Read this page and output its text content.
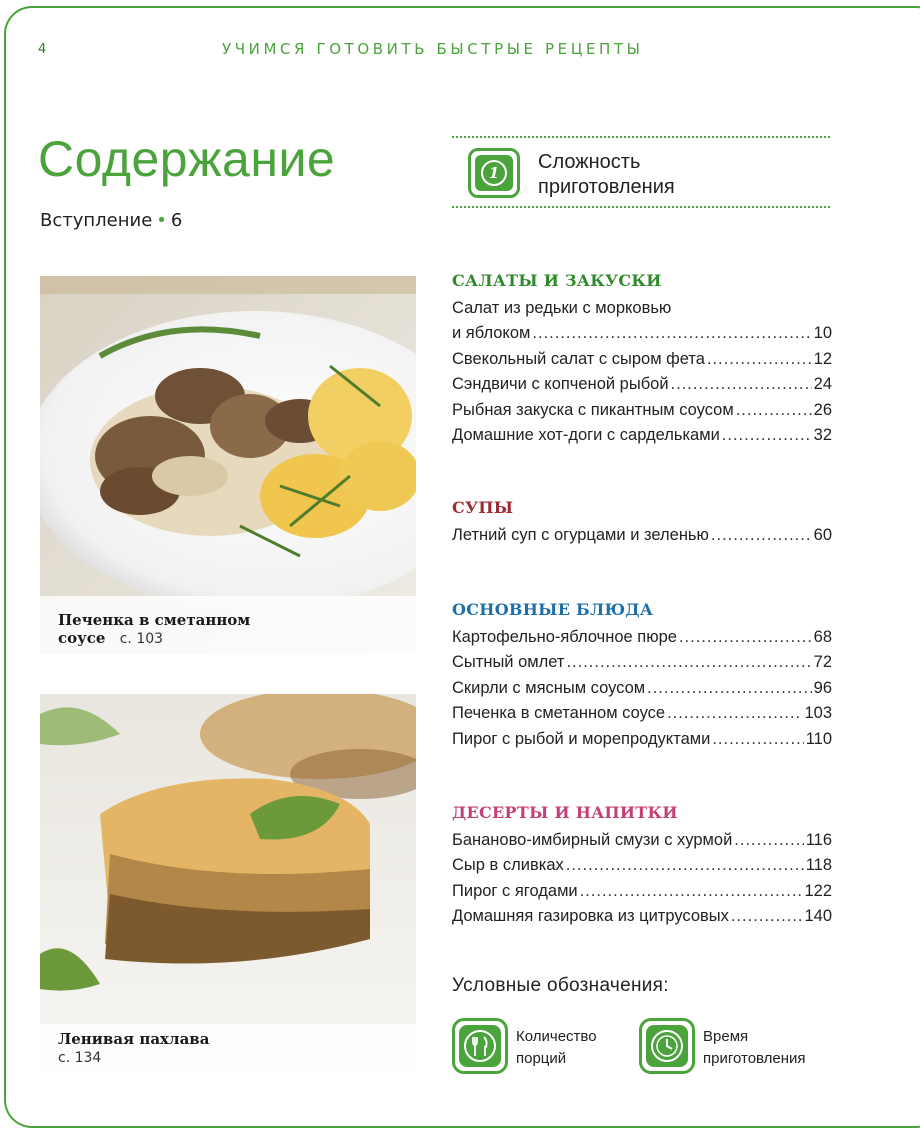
4	УЧИМСЯ ГОТОВИТЬ БЫСТРЫЕ РЕЦЕПТЫ
Содержание
Вступление • 6
Печенка в сметанном
соусе с. 103
Ленивая пахлава
с. 134
1	Сложность
приготовления
САЛАТЫ И ЗАКУСКИ
Салат из редьки с морковью
и яблоком .....	10
Свекольный салат с сыром фета .....	12
Сэндвичи с копченой рыбой .....	24
Рыбная закуска с пикантным соусом .....	26
Домашние хот-доги с сардельками .....	32
СУПЫ
Летний суп с огурцами и зеленью .....	60
ОСНОВНЫЕ БЛЮДА
Картофельно-яблочное пюре .....	68
Сытный омлет .....	72
Скирли с мясным соусом .....	96
Печенка в сметанном соусе .....	103
Пирог с рыбой и морепродуктами .....	110
ДЕСЕРТЫ И НАПИТКИ
Бананово-имбирный смузи с хурмой .....	116
Сыр в сливках .....	118
Пирог с ягодами .....	122
Домашняя газировка из цитрусовых .....	140
Условные обозначения:
Количество
порций
Время
приготовления
